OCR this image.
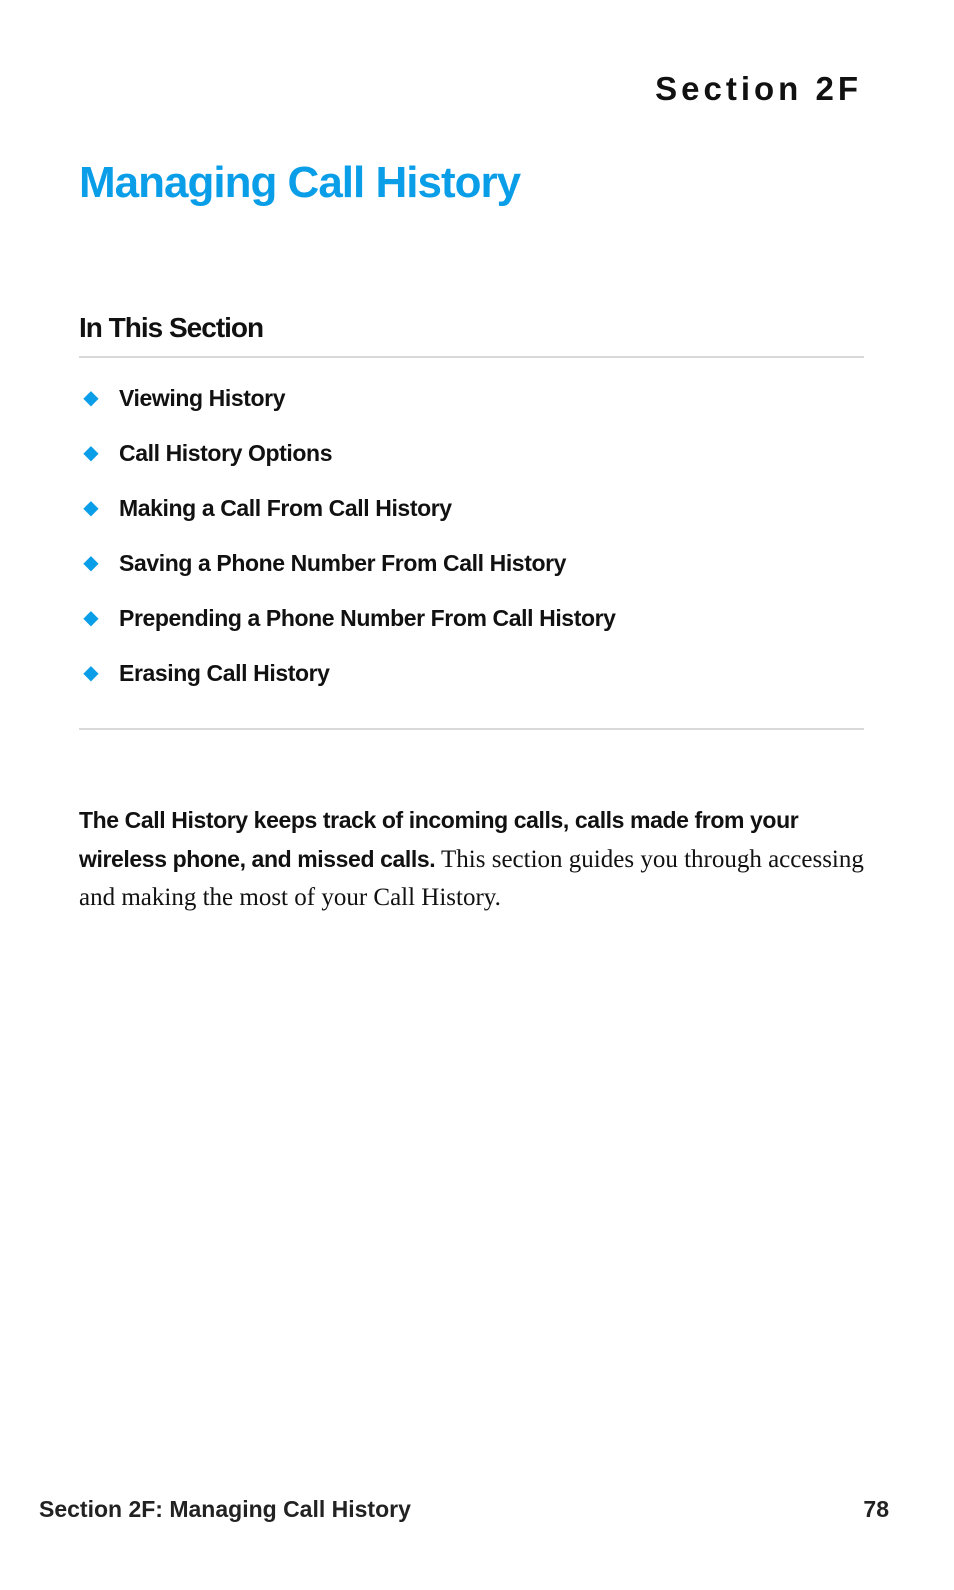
Section 2F
Managing Call History
In This Section
◆ Viewing History
◆ Call History Options
◆ Making a Call From Call History
◆ Saving a Phone Number From Call History
◆ Prepending a Phone Number From Call History
◆ Erasing Call History

The Call History keeps track of incoming calls, calls made from your wireless phone, and missed calls. This section guides you through accessing and making the most of your Call History.

Section 2F: Managing Call History	78
